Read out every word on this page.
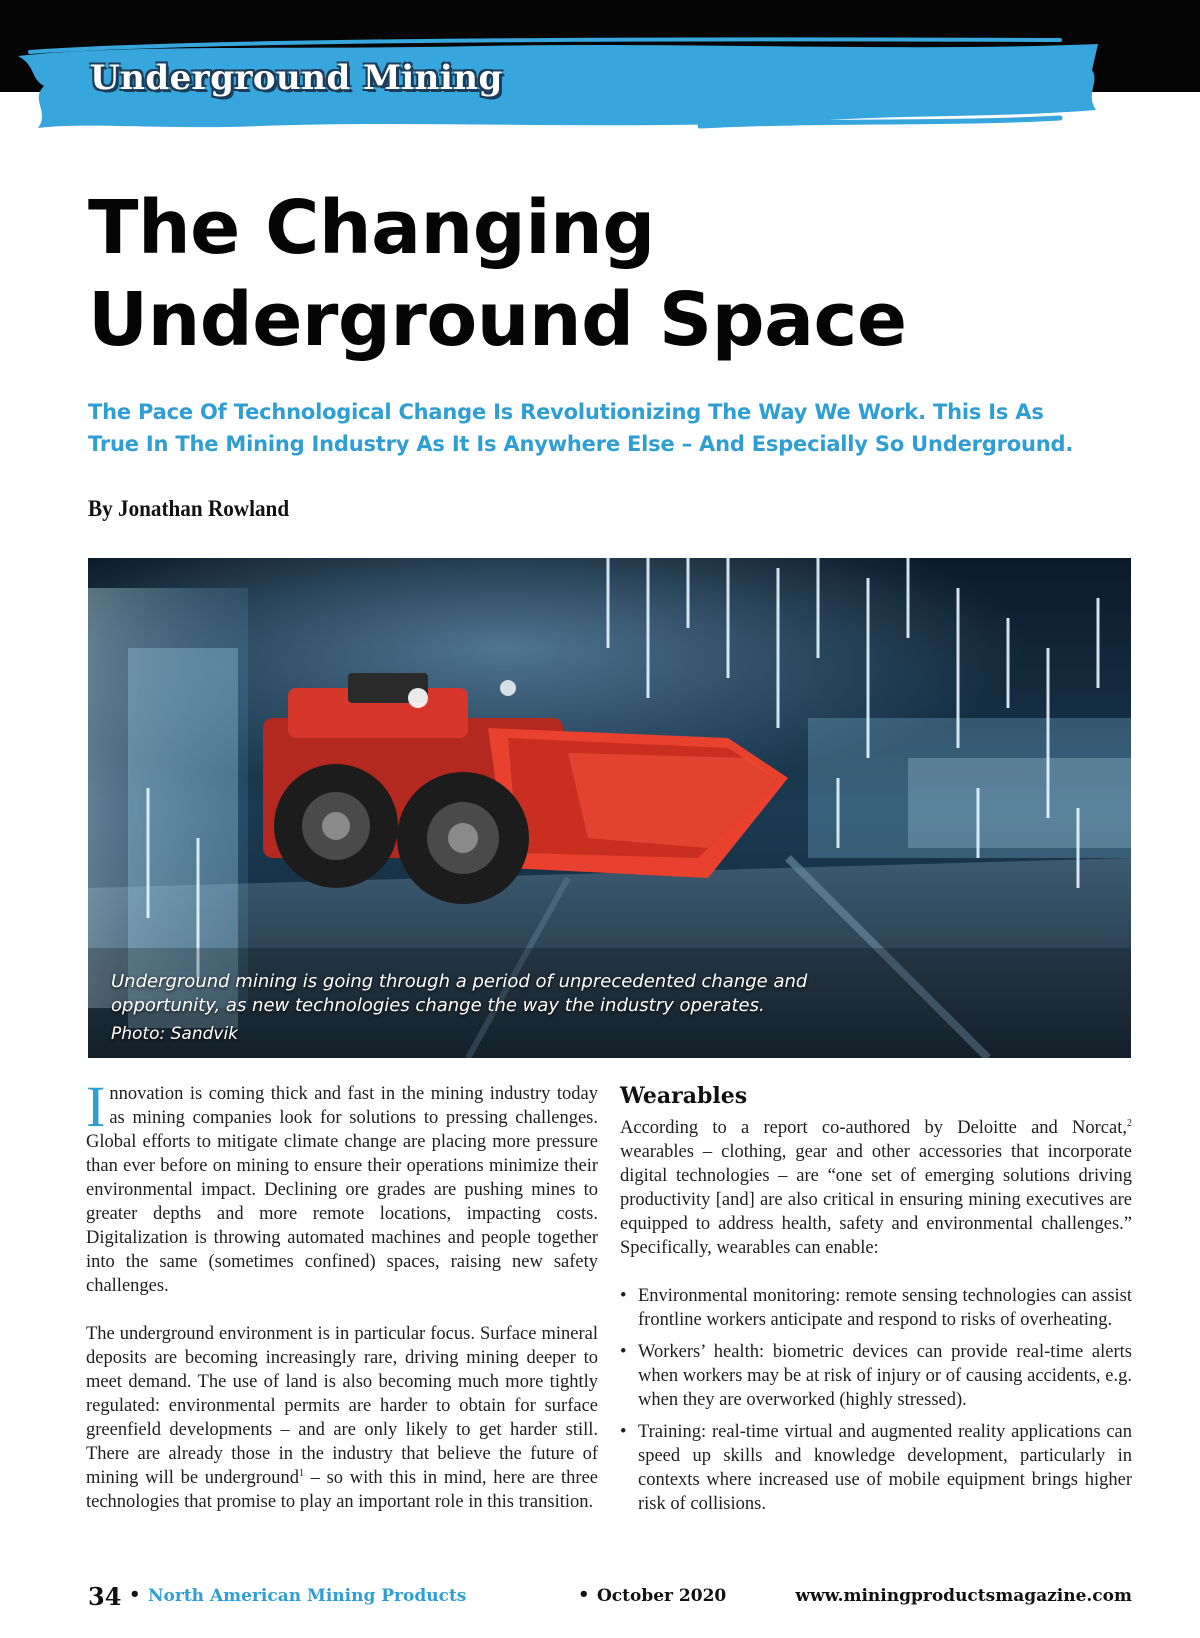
Underground Mining
The Changing
Underground Space

The Pace Of Technological Change Is Revolutionizing The Way We Work. This Is As
True In The Mining Industry As It Is Anywhere Else – And Especially So Underground.

By Jonathan Rowland

Underground mining is going through a period of unprecedented change and opportunity, as new technologies change the way the industry operates.

Photo: Sandvik

Innovation is coming thick and fast in the mining industry today as mining companies look for solutions to pressing challenges. Global efforts to mitigate climate change are placing more pressure than ever before on mining to ensure their operations minimize their environmental impact. Declining ore grades are pushing mines to greater depths and more remote locations, impacting costs. Digitalization is throwing automated machines and people together into the same (sometimes confined) spaces, raising new safety challenges.

The underground environment is in particular focus. Surface mineral deposits are becoming increasingly rare, driving mining deeper to meet demand. The use of land is also becoming much more tightly regulated: environmental permits are harder to obtain for surface greenfield developments – and are only likely to get harder still. There are already those in the industry that believe the future of mining will be underground$^1$ – so with this in mind, here are three technologies that promise to play an important role in this transition.

Wearables

According to a report co-authored by Deloitte and Norcat,$^2$ wearables – clothing, gear and other accessories that incorporate digital technologies – are “one set of emerging solutions driving productivity [and] are also critical in ensuring mining executives are equipped to address health, safety and environmental challenges.” Specifically, wearables can enable:

• Environmental monitoring: remote sensing technologies can assist frontline workers anticipate and respond to risks of overheating.
• Workers’ health: biometric devices can provide real-time alerts when workers may be at risk of injury or of causing accidents, e.g. when they are overworked (highly stressed).
• Training: real-time virtual and augmented reality applications can speed up skills and knowledge development, particularly in contexts where increased use of mobile equipment brings higher risk of collisions.
34 • North American Mining Products	• October 2020	www.miningproductsmagazine.com
